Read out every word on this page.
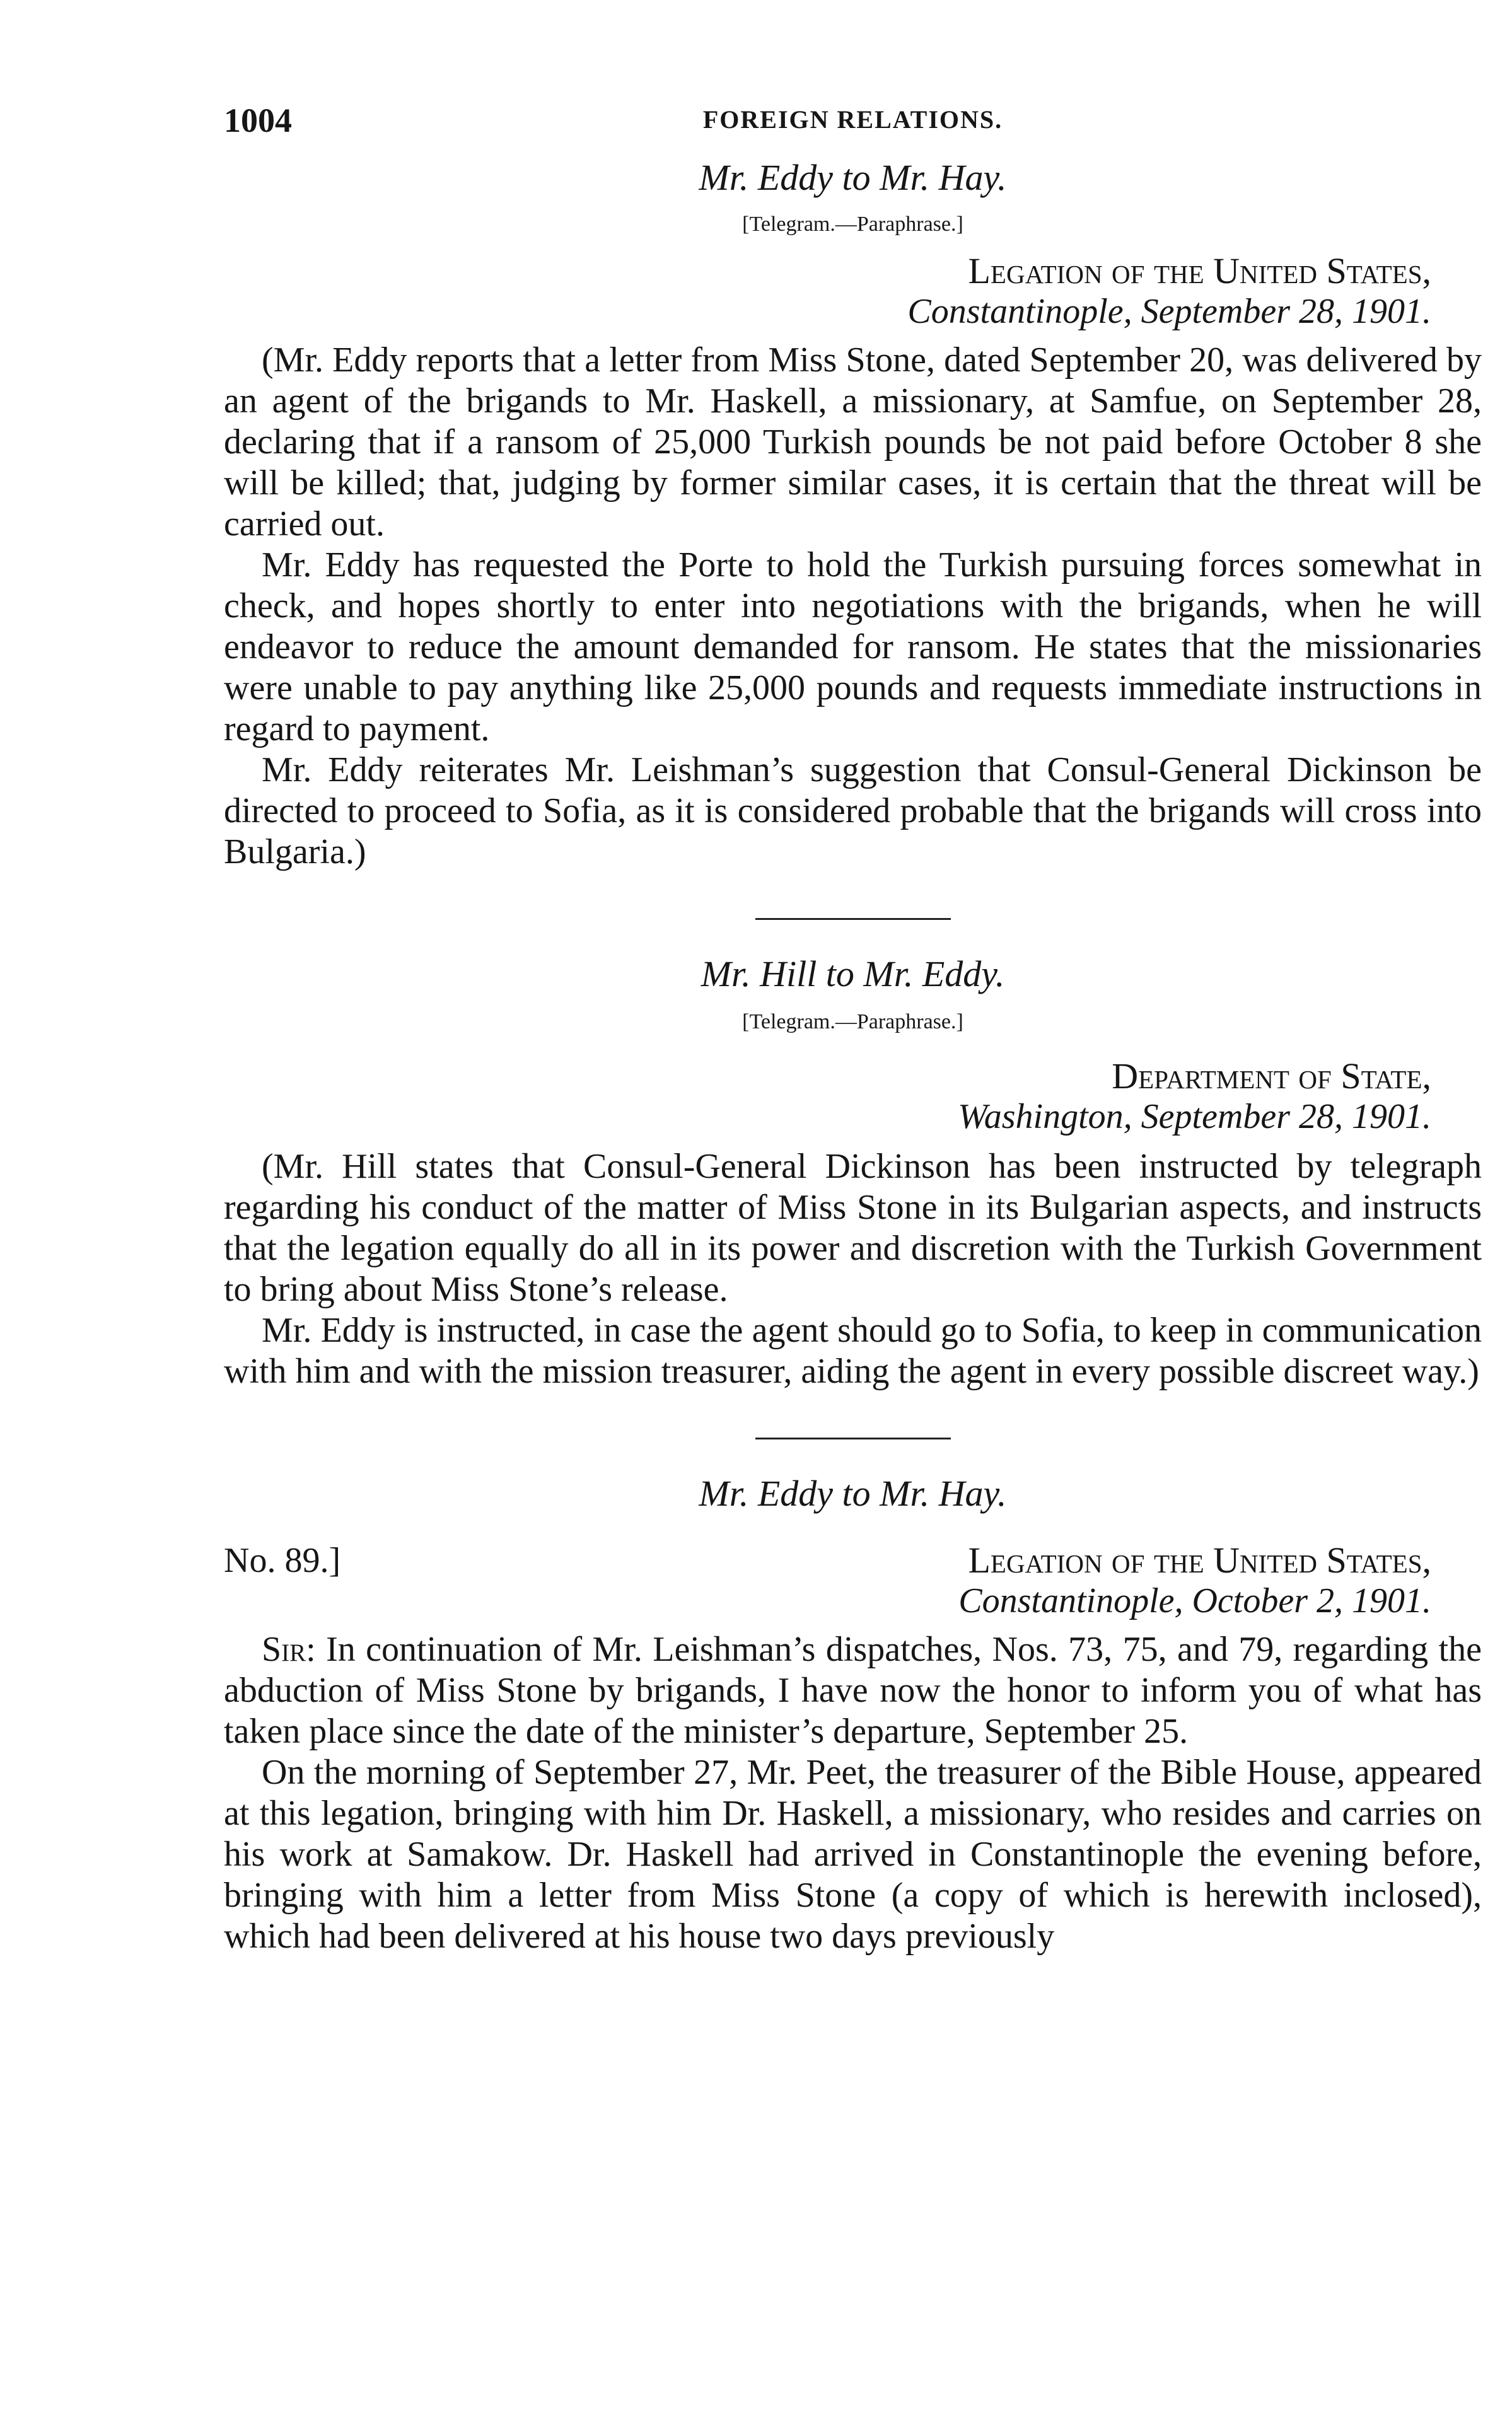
1004	FOREIGN RELATIONS.

Mr. Eddy to Mr. Hay.

[Telegram.—Paraphrase.]

Legation of the United States,

Constantinople, September 28, 1901.

(Mr. Eddy reports that a letter from Miss Stone, dated September 20, was delivered by an agent of the brigands to Mr. Haskell, a missionary, at Samfue, on September 28, declaring that if a ransom of 25,000 Turkish pounds be not paid before October 8 she will be killed; that, judging by former similar cases, it is certain that the threat will be carried out.

Mr. Eddy has requested the Porte to hold the Turkish pursuing forces somewhat in check, and hopes shortly to enter into negotiations with the brigands, when he will endeavor to reduce the amount demanded for ransom. He states that the missionaries were unable to pay anything like 25,000 pounds and requests immediate instructions in regard to payment.

Mr. Eddy reiterates Mr. Leishman’s suggestion that Consul-General Dickinson be directed to proceed to Sofia, as it is considered probable that the brigands will cross into Bulgaria.)

Mr. Hill to Mr. Eddy.

[Telegram.—Paraphrase.]

Department of State,

Washington, September 28, 1901.

(Mr. Hill states that Consul-General Dickinson has been instructed by telegraph regarding his conduct of the matter of Miss Stone in its Bulgarian aspects, and instructs that the legation equally do all in its power and discretion with the Turkish Government to bring about Miss Stone’s release.

Mr. Eddy is instructed, in case the agent should go to Sofia, to keep in communication with him and with the mission treasurer, aiding the agent in every possible discreet way.)

Mr. Eddy to Mr. Hay.

No. 89.]	Legation of the United States,

Constantinople, October 2, 1901.

Sir: In continuation of Mr. Leishman’s dispatches, Nos. 73, 75, and 79, regarding the abduction of Miss Stone by brigands, I have now the honor to inform you of what has taken place since the date of the minister’s departure, September 25.

On the morning of September 27, Mr. Peet, the treasurer of the Bible House, appeared at this legation, bringing with him Dr. Haskell, a missionary, who resides and carries on his work at Samakow. Dr. Haskell had arrived in Constantinople the evening before, bringing with him a letter from Miss Stone (a copy of which is herewith inclosed), which had been delivered at his house two days previously
